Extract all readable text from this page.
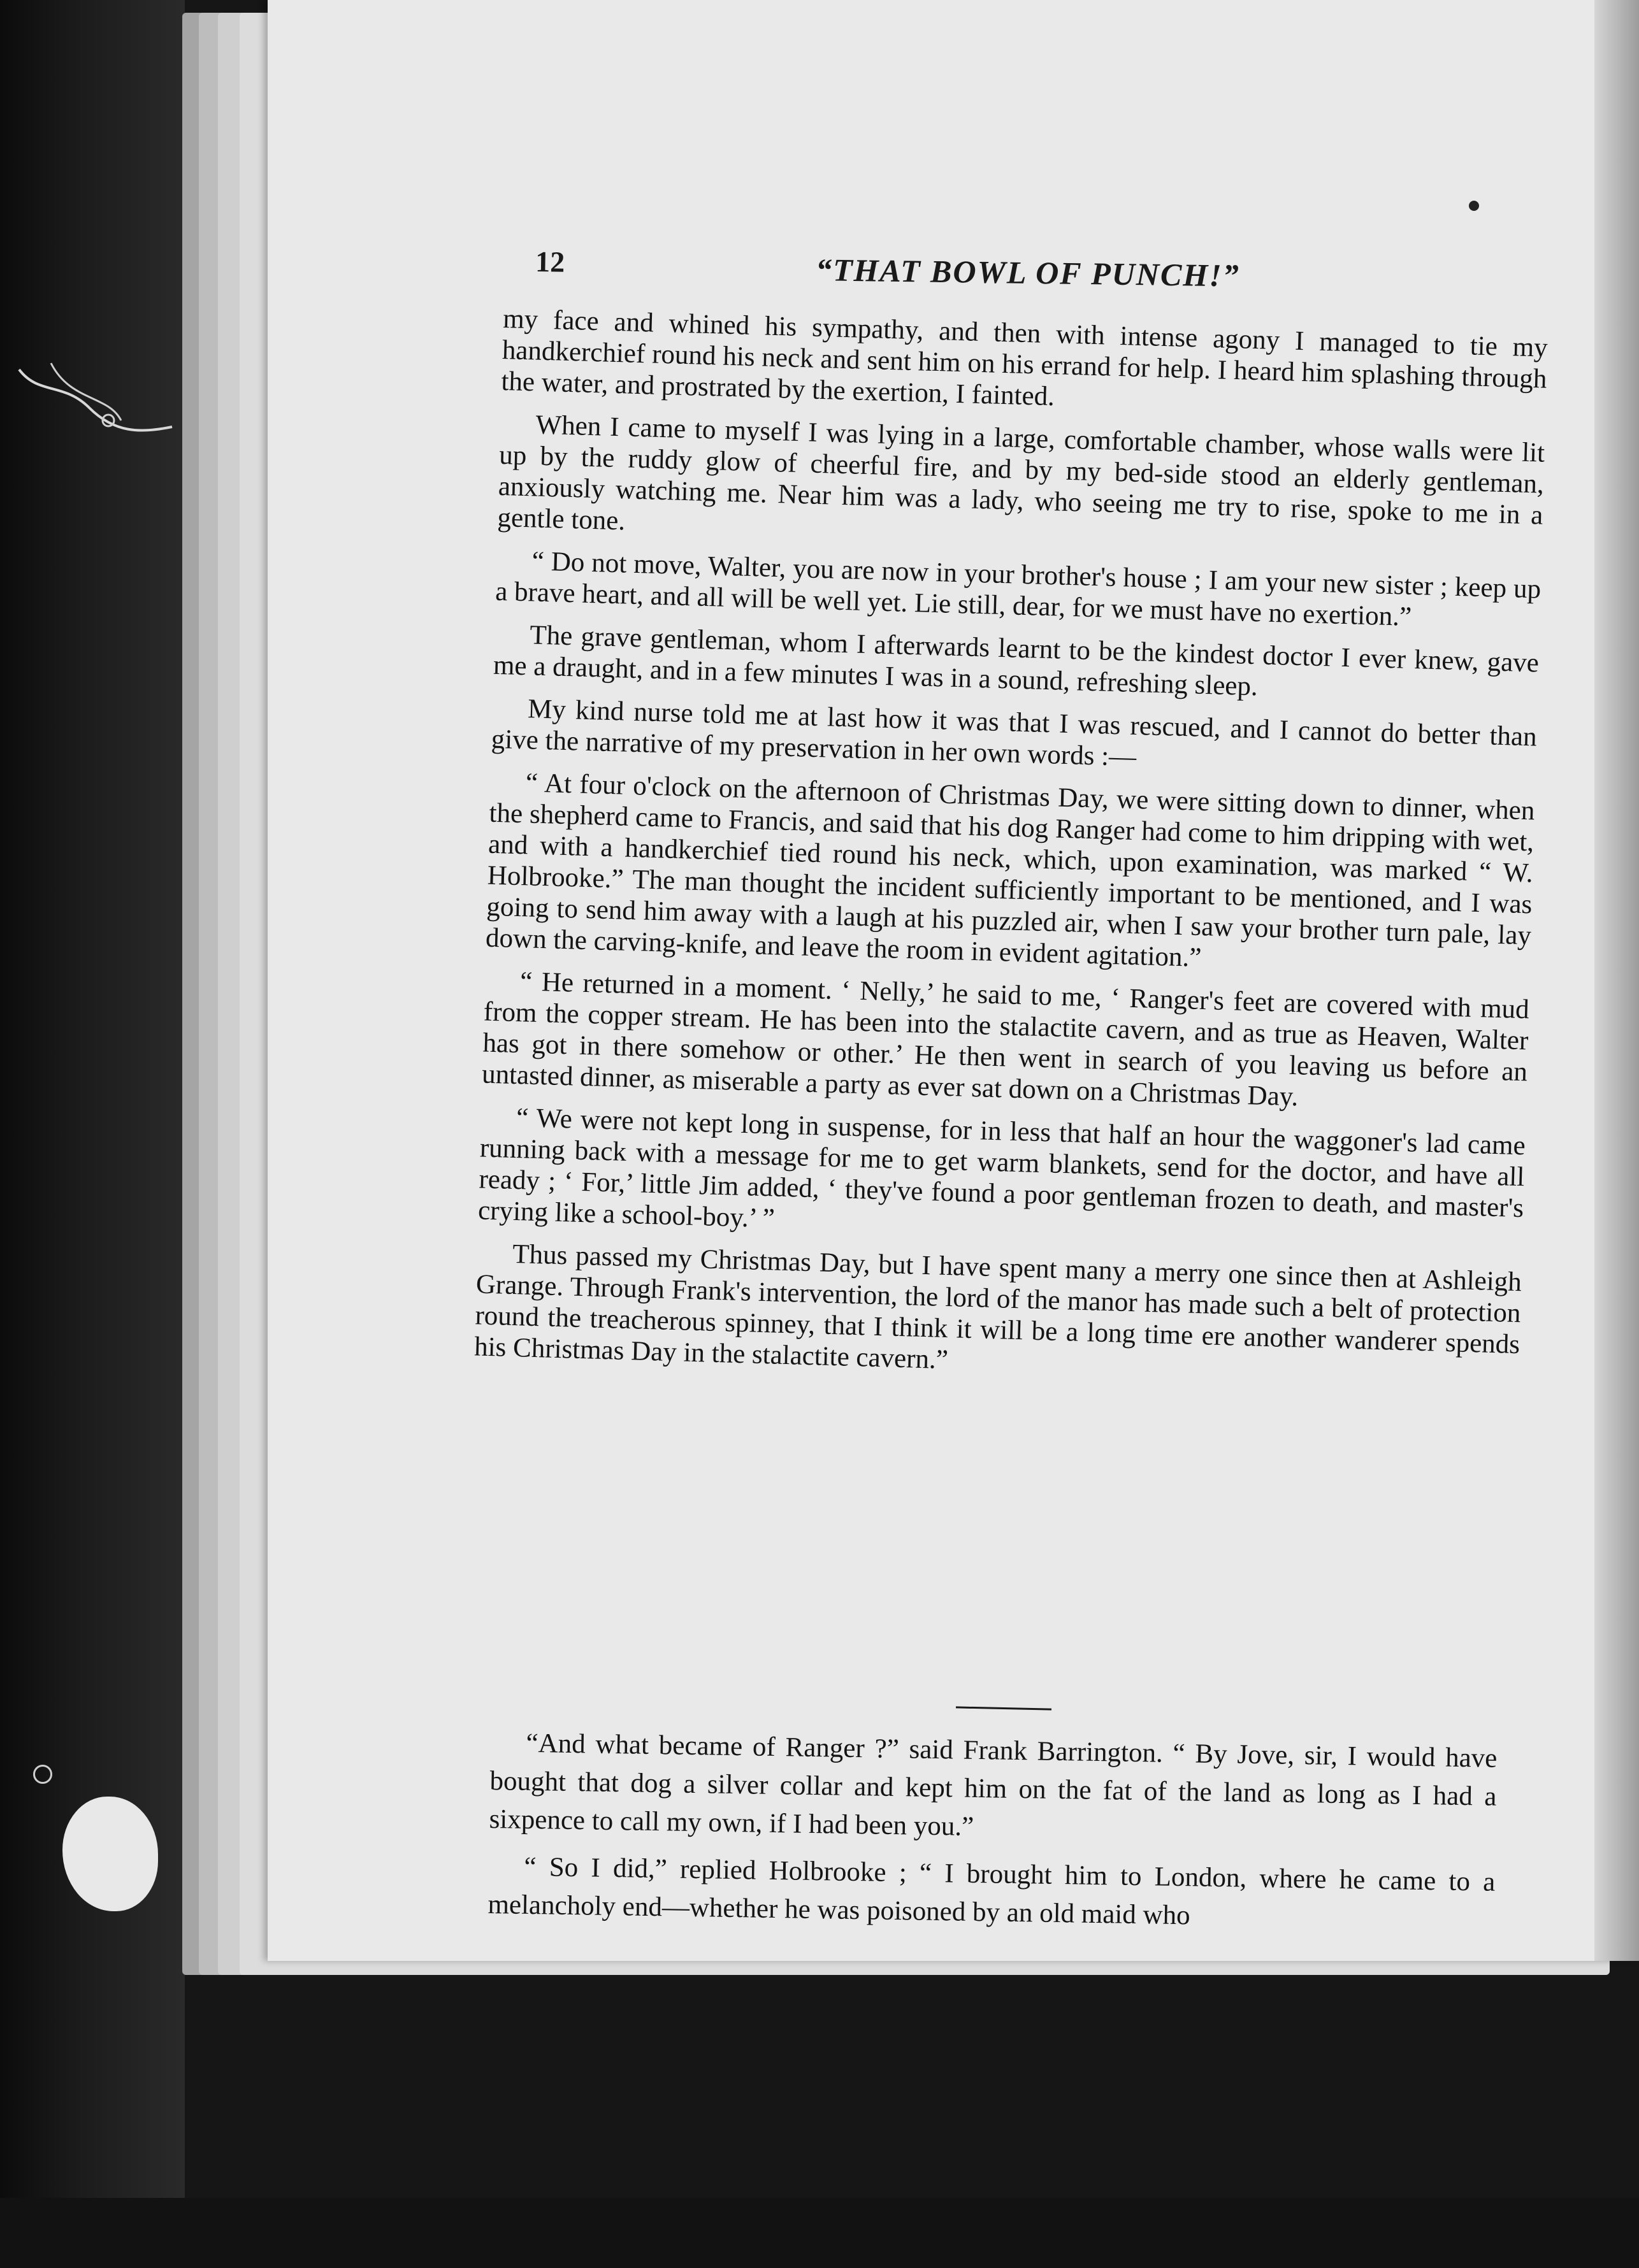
12	“THAT BOWL OF PUNCH!”

my face and whined his sympathy, and then with intense agony I managed to tie my handkerchief round his neck and sent him on his errand for help. I heard him splashing through the water, and prostrated by the exertion, I fainted.

When I came to myself I was lying in a large, comfortable chamber, whose walls were lit up by the ruddy glow of cheerful fire, and by my bed-side stood an elderly gentleman, anxiously watching me. Near him was a lady, who seeing me try to rise, spoke to me in a gentle tone.

“ Do not move, Walter, you are now in your brother's house ; I am your new sister ; keep up a brave heart, and all will be well yet. Lie still, dear, for we must have no exertion.”

The grave gentleman, whom I afterwards learnt to be the kindest doctor I ever knew, gave me a draught, and in a few minutes I was in a sound, refreshing sleep.

My kind nurse told me at last how it was that I was rescued, and I cannot do better than give the narrative of my preservation in her own words :—

“ At four o'clock on the afternoon of Christmas Day, we were sitting down to dinner, when the shepherd came to Francis, and said that his dog Ranger had come to him dripping with wet, and with a handkerchief tied round his neck, which, upon examination, was marked “ W. Holbrooke.” The man thought the incident sufficiently important to be mentioned, and I was going to send him away with a laugh at his puzzled air, when I saw your brother turn pale, lay down the carving-knife, and leave the room in evident agitation.”

“ He returned in a moment. ‘ Nelly,’ he said to me, ‘ Ranger's feet are covered with mud from the copper stream. He has been into the stalactite cavern, and as true as Heaven, Walter has got in there somehow or other.’ He then went in search of you leaving us before an untasted dinner, as miserable a party as ever sat down on a Christmas Day.

“ We were not kept long in suspense, for in less that half an hour the waggoner's lad came running back with a message for me to get warm blankets, send for the doctor, and have all ready ; ‘ For,’ little Jim added, ‘ they've found a poor gentleman frozen to death, and master's crying like a school-boy.’ ”

Thus passed my Christmas Day, but I have spent many a merry one since then at Ashleigh Grange. Through Frank's intervention, the lord of the manor has made such a belt of protection round the treacherous spinney, that I think it will be a long time ere another wanderer spends his Christmas Day in the stalactite cavern.”

“And what became of Ranger ?” said Frank Barrington. “ By Jove, sir, I would have bought that dog a silver collar and kept him on the fat of the land as long as I had a sixpence to call my own, if I had been you.”

“ So I did,” replied Holbrooke ; “ I brought him to London, where he came to a melancholy end—whether he was poisoned by an old maid who
